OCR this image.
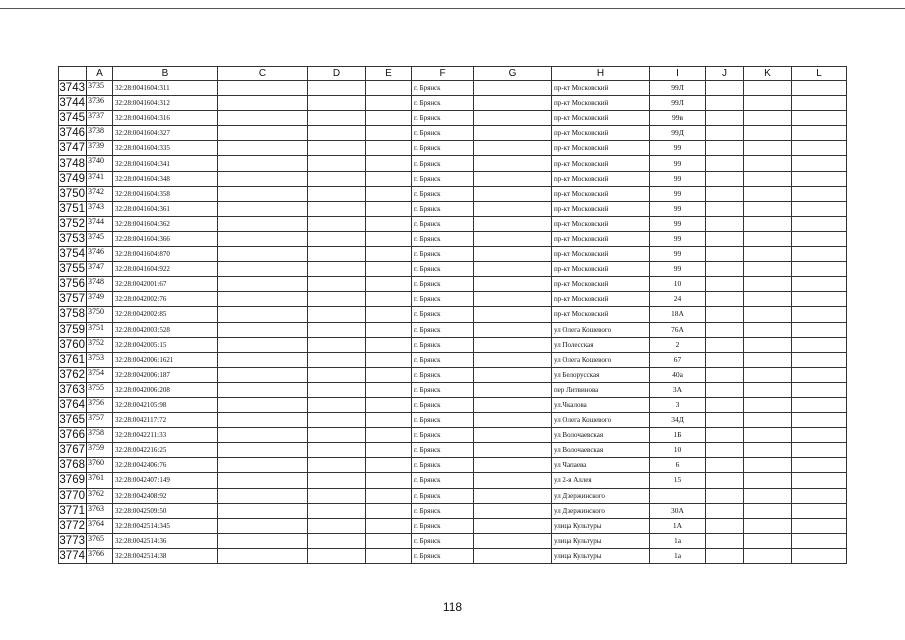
	A	B	C	D	E	F	G	H	I	J	K	L
3743	3735	32:28:0041604:311				г. Брянск		пр-кт Московский	99Л			
3744	3736	32:28:0041604:312				г. Брянск		пр-кт Московский	99Л			
3745	3737	32:28:0041604:316				г. Брянск		пр-кт Московский	99в			
3746	3738	32:28:0041604:327				г. Брянск		пр-кт Московский	99Д			
3747	3739	32:28:0041604:335				г. Брянск		пр-кт Московский	99			
3748	3740	32:28:0041604:341				г. Брянск		пр-кт Московский	99			
3749	3741	32:28:0041604:348				г. Брянск		пр-кт Московский	99			
3750	3742	32:28:0041604:358				г. Брянск		пр-кт Московский	99			
3751	3743	32:28:0041604:361				г. Брянск		пр-кт Московский	99			
3752	3744	32:28:0041604:362				г. Брянск		пр-кт Московский	99			
3753	3745	32:28:0041604:366				г. Брянск		пр-кт Московский	99			
3754	3746	32:28:0041604:870				г. Брянск		пр-кт Московский	99			
3755	3747	32:28:0041604:922				г. Брянск		пр-кт Московский	99			
3756	3748	32:28:0042001:67				г. Брянск		пр-кт Московский	10			
3757	3749	32:28:0042002:76				г. Брянск		пр-кт Московский	24			
3758	3750	32:28:0042002:85				г. Брянск		пр-кт Московский	18А			
3759	3751	32:28:0042003:528				г. Брянск		ул Олега Кошевого	76А			
3760	3752	32:28:0042005:15				г. Брянск		ул Полесская	2			
3761	3753	32:28:0042006:1621				г. Брянск		ул Олега Кошевого	67			
3762	3754	32:28:0042006:187				г. Брянск		ул Белорусская	40а			
3763	3755	32:28:0042006:208				г. Брянск		пер Литвинова	3А			
3764	3756	32:28:0042105:98				г. Брянск		ул.Чкалова	3			
3765	3757	32:28:0042117:72				г. Брянск		ул Олега Кошевого	34Д			
3766	3758	32:28:0042211:33				г. Брянск		ул Волочаевская	1Б			
3767	3759	32:28:0042216:25				г. Брянск		ул Волочаевская	10			
3768	3760	32:28:0042406:76				г. Брянск		ул Чапаева	6			
3769	3761	32:28:0042407:149				г. Брянск		ул 2-я Аллея	15			
3770	3762	32:28:0042408:92				г. Брянск		ул Дзержинского				
3771	3763	32:28:0042509:50				г. Брянск		ул Дзержинского	30А			
3772	3764	32:28:0042514:345				г. Брянск		улица Культуры	1А			
3773	3765	32:28:0042514:36				г. Брянск		улица Культуры	1а			
3774	3766	32:28:0042514:38				г. Брянск		улица Культуры	1а			
118
